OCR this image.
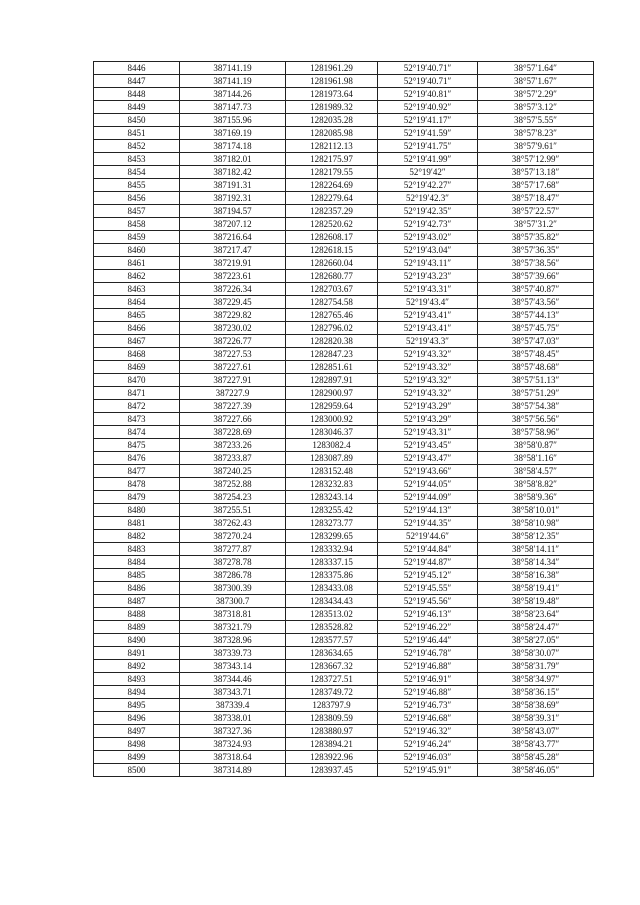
8446	387141.19	1281961.29	52°19′40.71″	38°57′1.64″
8447	387141.19	1281961.98	52°19′40.71″	38°57′1.67″
8448	387144.26	1281973.64	52°19′40.81″	38°57′2.29″
8449	387147.73	1281989.32	52°19′40.92″	38°57′3.12″
8450	387155.96	1282035.28	52°19′41.17″	38°57′5.55″
8451	387169.19	1282085.98	52°19′41.59″	38°57′8.23″
8452	387174.18	1282112.13	52°19′41.75″	38°57′9.61″
8453	387182.01	1282175.97	52°19′41.99″	38°57′12.99″
8454	387182.42	1282179.55	52°19′42″	38°57′13.18″
8455	387191.31	1282264.69	52°19′42.27″	38°57′17.68″
8456	387192.31	1282279.64	52°19′42.3″	38°57′18.47″
8457	387194.57	1282357.29	52°19′42.35″	38°57′22.57″
8458	387207.12	1282520.62	52°19′42.73″	38°57′31.2″
8459	387216.64	1282608.17	52°19′43.02″	38°57′35.82″
8460	387217.47	1282618.15	52°19′43.04″	38°57′36.35″
8461	387219.91	1282660.04	52°19′43.11″	38°57′38.56″
8462	387223.61	1282680.77	52°19′43.23″	38°57′39.66″
8463	387226.34	1282703.67	52°19′43.31″	38°57′40.87″
8464	387229.45	1282754.58	52°19′43.4″	38°57′43.56″
8465	387229.82	1282765.46	52°19′43.41″	38°57′44.13″
8466	387230.02	1282796.02	52°19′43.41″	38°57′45.75″
8467	387226.77	1282820.38	52°19′43.3″	38°57′47.03″
8468	387227.53	1282847.23	52°19′43.32″	38°57′48.45″
8469	387227.61	1282851.61	52°19′43.32″	38°57′48.68″
8470	387227.91	1282897.91	52°19′43.32″	38°57′51.13″
8471	387227.9	1282900.97	52°19′43.32″	38°57′51.29″
8472	387227.39	1282959.64	52°19′43.29″	38°57′54.38″
8473	387227.66	1283000.92	52°19′43.29″	38°57′56.56″
8474	387228.69	1283046.37	52°19′43.31″	38°57′58.96″
8475	387233.26	1283082.4	52°19′43.45″	38°58′0.87″
8476	387233.87	1283087.89	52°19′43.47″	38°58′1.16″
8477	387240.25	1283152.48	52°19′43.66″	38°58′4.57″
8478	387252.88	1283232.83	52°19′44.05″	38°58′8.82″
8479	387254.23	1283243.14	52°19′44.09″	38°58′9.36″
8480	387255.51	1283255.42	52°19′44.13″	38°58′10.01″
8481	387262.43	1283273.77	52°19′44.35″	38°58′10.98″
8482	387270.24	1283299.65	52°19′44.6″	38°58′12.35″
8483	387277.87	1283332.94	52°19′44.84″	38°58′14.11″
8484	387278.78	1283337.15	52°19′44.87″	38°58′14.34″
8485	387286.78	1283375.86	52°19′45.12″	38°58′16.38″
8486	387300.39	1283433.08	52°19′45.55″	38°58′19.41″
8487	387300.7	1283434.43	52°19′45.56″	38°58′19.48″
8488	387318.81	1283513.02	52°19′46.13″	38°58′23.64″
8489	387321.79	1283528.82	52°19′46.22″	38°58′24.47″
8490	387328.96	1283577.57	52°19′46.44″	38°58′27.05″
8491	387339.73	1283634.65	52°19′46.78″	38°58′30.07″
8492	387343.14	1283667.32	52°19′46.88″	38°58′31.79″
8493	387344.46	1283727.51	52°19′46.91″	38°58′34.97″
8494	387343.71	1283749.72	52°19′46.88″	38°58′36.15″
8495	387339.4	1283797.9	52°19′46.73″	38°58′38.69″
8496	387338.01	1283809.59	52°19′46.68″	38°58′39.31″
8497	387327.36	1283880.97	52°19′46.32″	38°58′43.07″
8498	387324.93	1283894.21	52°19′46.24″	38°58′43.77″
8499	387318.64	1283922.96	52°19′46.03″	38°58′45.28″
8500	387314.89	1283937.45	52°19′45.91″	38°58′46.05″
